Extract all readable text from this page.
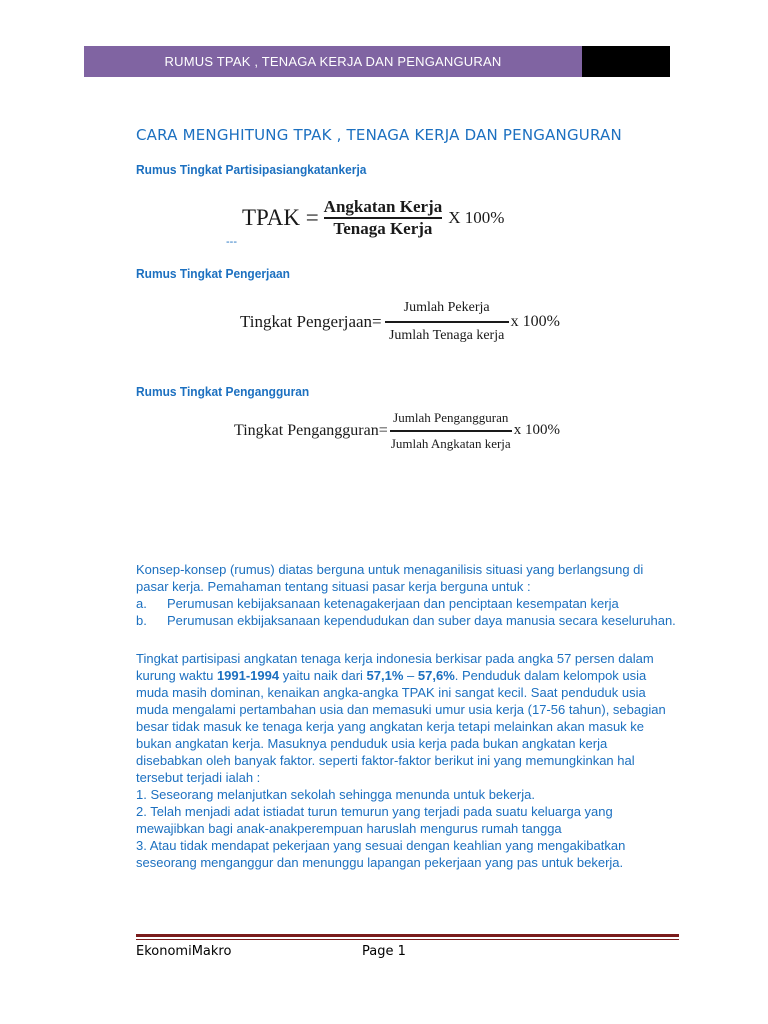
RUMUS TPAK , TENAGA KERJA DAN PENGANGURAN
CARA MENGHITUNG TPAK , TENAGA KERJA DAN PENGANGURAN
Rumus Tingkat Partisipasiangkatankerja
TPAK = $\frac{\text{Angkatan Kerja}}{\text{Tenaga Kerja}}$ X 100%
---
Rumus Tingkat Pengerjaan
Tingkat Pengerjaan= $\frac{\text{Jumlah Pekerja}}{\text{Jumlah Tenaga kerja}}$ x 100%
Rumus Tingkat Pengangguran
Tingkat Pengangguran= $\frac{\text{Jumlah Pengangguran}}{\text{Jumlah Angkatan kerja}}$ x 100%
Konsep-konsep (rumus) diatas berguna untuk menaganilisis situasi yang berlangsung di pasar kerja. Pemahaman tentang situasi pasar kerja berguna untuk :
a.	Perumusan kebijaksanaan ketenagakerjaan dan penciptaan kesempatan kerja
b.	Perumusan ekbijaksanaan kependudukan dan suber daya manusia secara keseluruhan.
Tingkat partisipasi angkatan tenaga kerja indonesia berkisar pada angka 57 persen dalam kurung waktu 1991-1994 yaitu naik dari 57,1% – 57,6%. Penduduk dalam kelompok usia muda masih dominan, kenaikan angka-angka TPAK ini sangat kecil. Saat penduduk usia muda mengalami pertambahan usia dan memasuki umur usia kerja (17-56 tahun), sebagian besar tidak masuk ke tenaga kerja yang angkatan kerja tetapi melainkan akan masuk ke bukan angkatan kerja. Masuknya penduduk usia kerja pada bukan angkatan kerja disebabkan oleh banyak faktor. seperti faktor-faktor berikut ini yang memungkinkan hal tersebut terjadi ialah :
1. Seseorang melanjutkan sekolah sehingga menunda untuk bekerja.
2. Telah menjadi adat istiadat turun temurun yang terjadi pada suatu keluarga yang mewajibkan bagi anak-anakperempuan haruslah mengurus rumah tangga
3. Atau tidak mendapat pekerjaan yang sesuai dengan keahlian yang mengakibatkan seseorang menganggur dan menunggu lapangan pekerjaan yang pas untuk bekerja.
EkonomiMakro	Page 1
